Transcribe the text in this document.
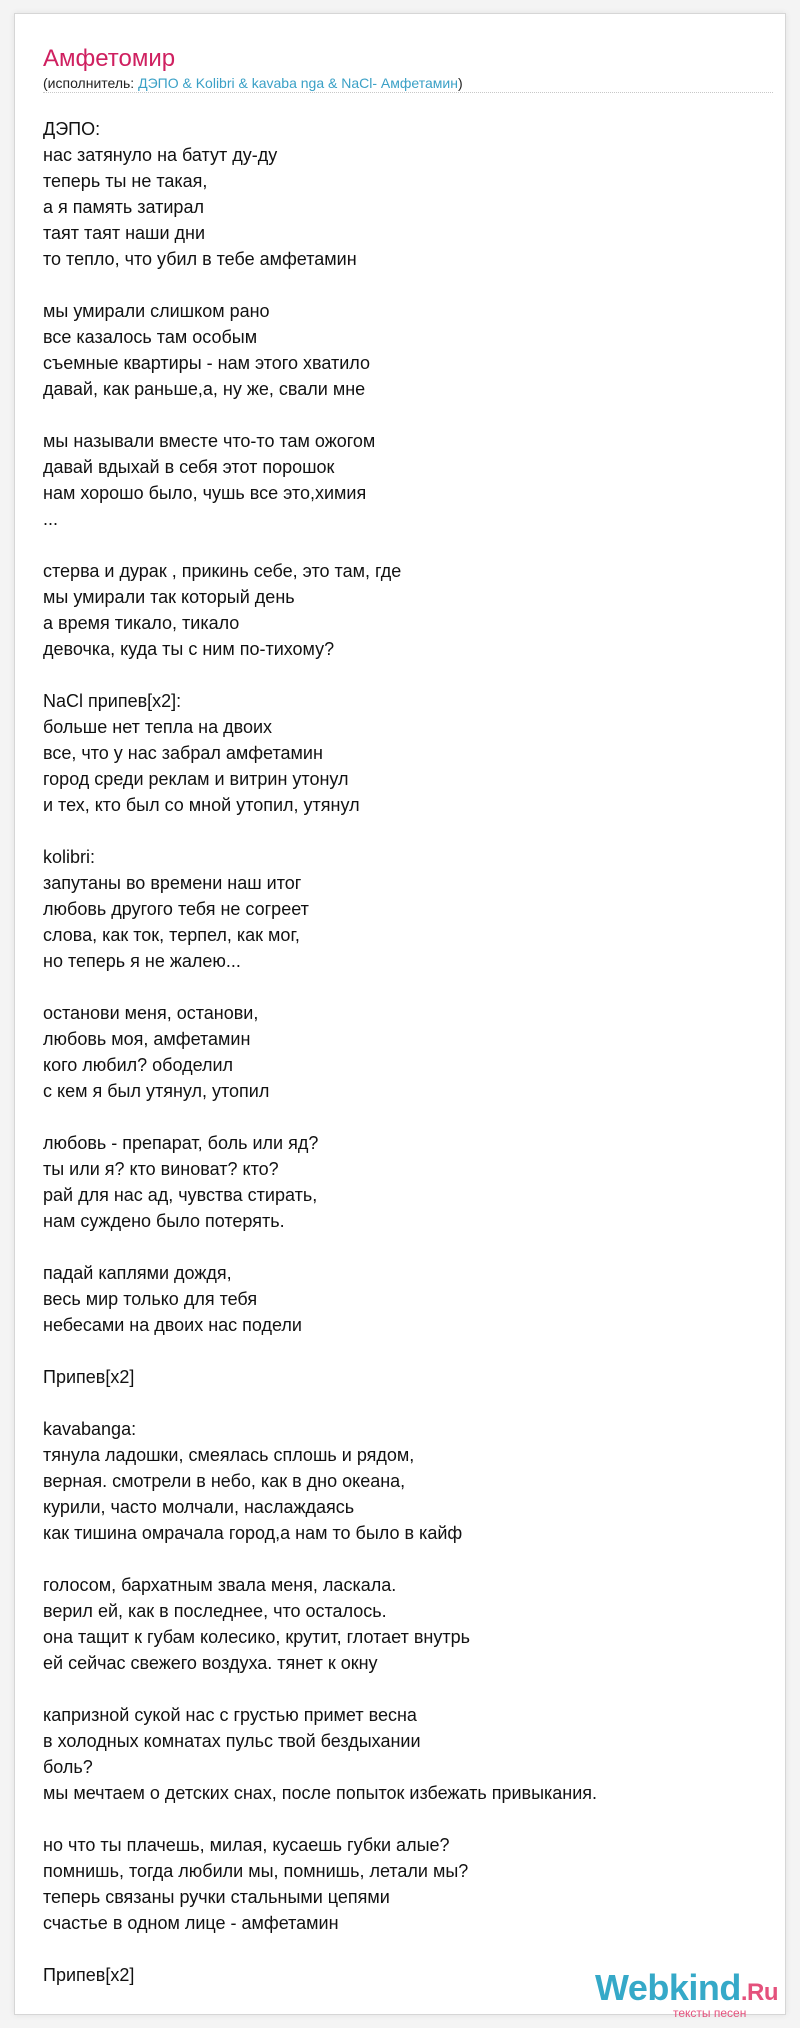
Амфетомир
(исполнитель: ДЭПО & Kolibri & kavaba nga & NaCl- Амфетамин)
ДЭПО:
нас затянуло на батут ду-ду
теперь ты не такая,
а я память затирал
таят таят наши дни
то тепло, что убил в тебе амфетамин
мы умирали слишком рано
все казалось там особым
съемные квартиры - нам этого хватило
давай, как раньше,а, ну же, свали мне
мы называли вместе что-то там ожогом
давай вдыхай в себя этот порошок
нам хорошо было, чушь все это,химия
...
стерва и дурак , прикинь себе, это там, где
мы умирали так который день
а время тикало, тикало
девочка, куда ты с ним по-тихому?
NaCl припев[x2]:
больше нет тепла на двоих
все, что у нас забрал амфетамин
город среди реклам и витрин утонул
и тех, кто был со мной утопил, утянул
kolibri:
запутаны во времени наш итог
любовь другого тебя не согреет
слова, как ток, терпел, как мог,
но теперь я не жалею...
останови меня, останови,
любовь моя, амфетамин
кого любил? ободелил
с кем я был утянул, утопил
любовь - препарат, боль или яд?
ты или я? кто виноват? кто?
рай для нас ад, чувства стирать,
нам суждено было потерять.
падай каплями дождя,
весь мир только для тебя
небесами на двоих нас подели
Припев[x2]
kavabanga:
тянула ладошки, смеялась сплошь и рядом,
верная. смотрели в небо, как в дно океана,
курили, часто молчали, наслаждаясь
как тишина омрачала город,а нам то было в кайф
голосом, бархатным звала меня, ласкала.
верил ей, как в последнее, что осталось.
она тащит к губам колесико, крутит, глотает внутрь
ей сейчас свежего воздуха. тянет к окну
капризной сукой нас с грустью примет весна
в холодных комнатах пульс твой бездыхании
боль?
мы мечтаем о детских снах, после попыток избежать привыкания.
но что ты плачешь, милая, кусаешь губки алые?
помнишь, тогда любили мы, помнишь, летали мы?
теперь связаны ручки стальными цепями
счастье в одном лице - амфетамин
Припев[x2]	Webkind.Ru
тексты песен
